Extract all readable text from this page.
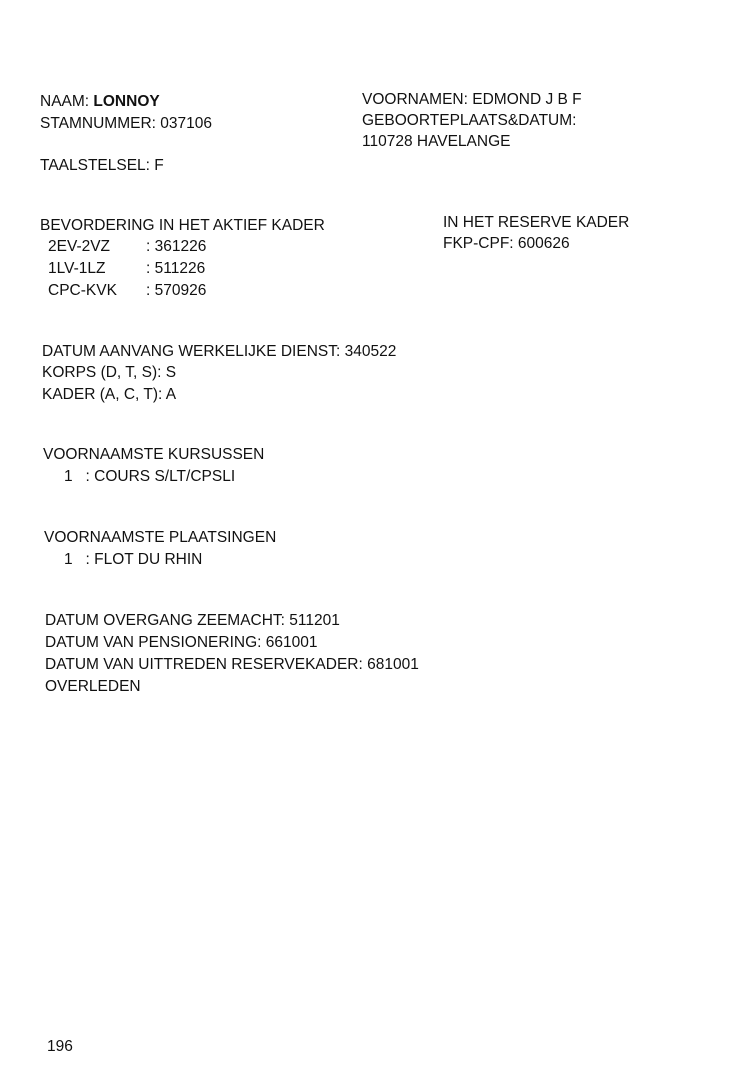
NAAM: LONNOY	VOORNAMEN: EDMOND J B F
STAMNUMMER: 037106	GEBOORTEPLAATS&DATUM:
110728 HAVELANGE
TAALSTELSEL: F
BEVORDERING IN HET AKTIEF KADER	IN HET RESERVE KADER
FKP-CPF: 600626
2EV-2VZ : 361226
1LV-1LZ	: 511226
CPC-KVK : 570926
DATUM AANVANG WERKELIJKE DIENST: 340522
KORPS (D, T, S): S
KADER (A, C, T): A
VOORNAAMSTE KURSUSSEN
1 : COURS S/LT/CPSLI
VOORNAAMSTE PLAATSINGEN
1 : FLOT DU RHIN
DATUM OVERGANG ZEEMACHT: 511201
DATUM VAN PENSIONERING: 661001
DATUM VAN UITTREDEN RESERVEKADER: 681001
OVERLEDEN
196
